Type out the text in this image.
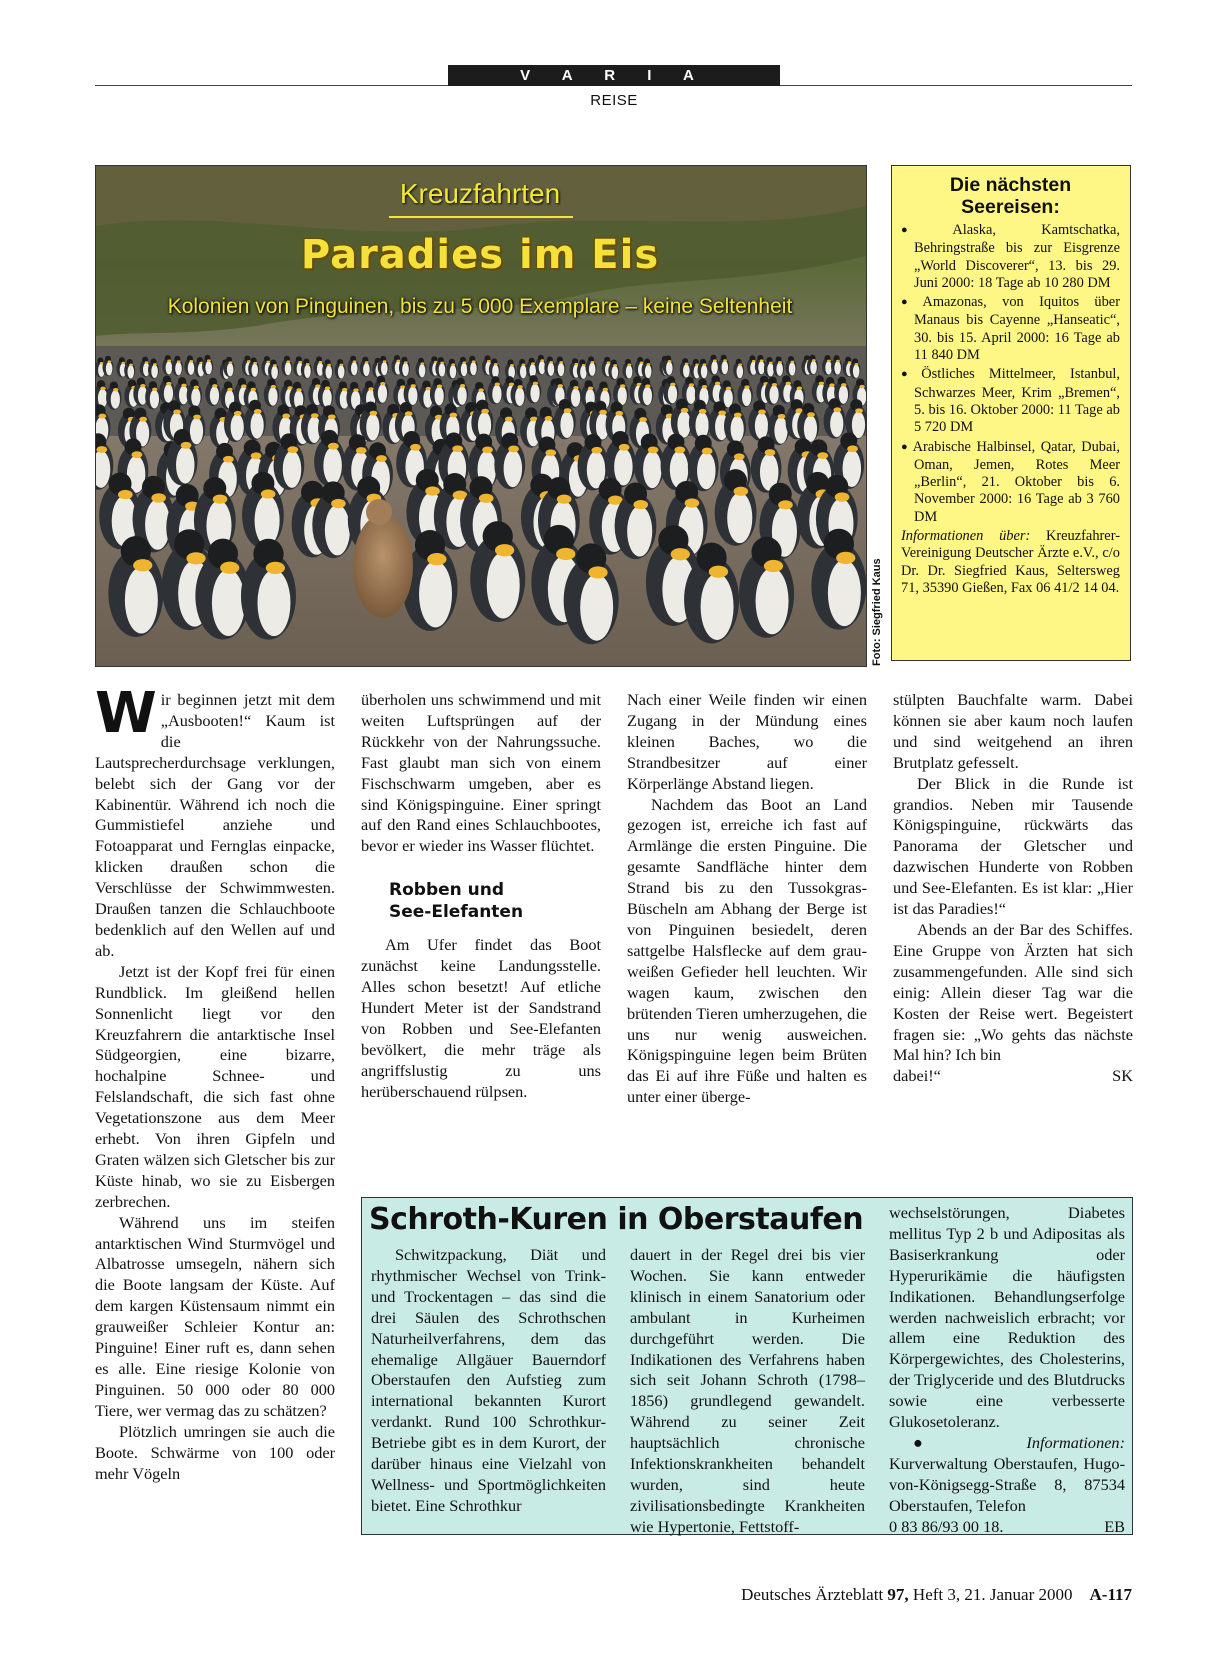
V A R I A
REISE
Kreuzfahrten
Paradies im Eis
Kolonien von Pinguinen, bis zu 5 000 Exemplare – keine Seltenheit
Foto: Siegfried Kaus
Die nächsten Seereisen:
● Alaska, Kamtschatka, Behringstraße bis zur Eisgrenze „World Discoverer“, 13. bis 29. Juni 2000: 18 Tage ab 10 280 DM
● Amazonas, von Iquitos über Manaus bis Cayenne „Hanseatic“, 30. bis 15. April 2000: 16 Tage ab 11 840 DM
● Östliches Mittelmeer, Istanbul, Schwarzes Meer, Krim „Bremen“, 5. bis 16. Oktober 2000: 11 Tage ab 5 720 DM
● Arabische Halbinsel, Qatar, Dubai, Oman, Jemen, Rotes Meer „Berlin“, 21. Oktober bis 6. November 2000: 16 Tage ab 3 760 DM
Informationen über: Kreuzfahrer-Vereinigung Deutscher Ärzte e.V., c/o Dr. Dr. Siegfried Kaus, Seltersweg 71, 35390 Gießen, Fax 06 41/2 14 04.

Wir beginnen jetzt mit dem „Ausbooten!“ Kaum ist die Lautsprecherdurchsage verklungen, belebt sich der Gang vor der Kabinentür. Während ich noch die Gummistiefel anziehe und Fotoapparat und Fernglas einpacke, klicken draußen schon die Verschlüsse der Schwimmwesten. Draußen tanzen die Schlauchboote bedenklich auf den Wellen auf und ab.

Jetzt ist der Kopf frei für einen Rundblick. Im gleißend hellen Sonnenlicht liegt vor den Kreuzfahrern die antarktische Insel Südgeorgien, eine bizarre, hochalpine Schnee- und Felslandschaft, die sich fast ohne Vegetationszone aus dem Meer erhebt. Von ihren Gipfeln und Graten wälzen sich Gletscher bis zur Küste hinab, wo sie zu Eisbergen zerbrechen.

Während uns im steifen antarktischen Wind Sturmvögel und Albatrosse umsegeln, nähern sich die Boote langsam der Küste. Auf dem kargen Küstensaum nimmt ein grauweißer Schleier Kontur an: Pinguine! Einer ruft es, dann sehen es alle. Eine riesige Kolonie von Pinguinen. 50 000 oder 80 000 Tiere, wer vermag das zu schätzen?

Plötzlich umringen sie auch die Boote. Schwärme von 100 oder mehr Vögeln

überholen uns schwimmend und mit weiten Luftsprüngen auf der Rückkehr von der Nahrungssuche. Fast glaubt man sich von einem Fischschwarm umgeben, aber es sind Königspinguine. Einer springt auf den Rand eines Schlauchbootes, bevor er wieder ins Wasser flüchtet.

Robben und
See-Elefanten

Am Ufer findet das Boot zunächst keine Landungsstelle. Alles schon besetzt! Auf etliche Hundert Meter ist der Sandstrand von Robben und See-Elefanten bevölkert, die mehr träge als angriffslustig zu uns herüberschauend rülpsen.

Nach einer Weile finden wir einen Zugang in der Mündung eines kleinen Baches, wo die Strandbesitzer auf einer Körperlänge Abstand liegen.

Nachdem das Boot an Land gezogen ist, erreiche ich fast auf Armlänge die ersten Pinguine. Die gesamte Sandfläche hinter dem Strand bis zu den Tussokgras-Büscheln am Abhang der Berge ist von Pinguinen besiedelt, deren sattgelbe Halsflecke auf dem grau-weißen Gefieder hell leuchten. Wir wagen kaum, zwischen den brütenden Tieren umherzugehen, die uns nur wenig ausweichen. Königspinguine legen beim Brüten das Ei auf ihre Füße und halten es unter einer überge-

stülpten Bauchfalte warm. Dabei können sie aber kaum noch laufen und sind weitgehend an ihren Brutplatz gefesselt.

Der Blick in die Runde ist grandios. Neben mir Tausende Königspinguine, rückwärts das Panorama der Gletscher und dazwischen Hunderte von Robben und See-Elefanten. Es ist klar: „Hier ist das Paradies!“

Abends an der Bar des Schiffes. Eine Gruppe von Ärzten hat sich zusammengefunden. Alle sind sich einig: Allein dieser Tag war die Kosten der Reise wert. Begeistert fragen sie: „Wo gehts das nächste Mal hin? Ich bin

dabei!“	SK
Schroth-Kuren in Oberstaufen

Schwitzpackung, Diät und rhythmischer Wechsel von Trink- und Trockentagen – das sind die drei Säulen des Schrothschen Naturheilverfahrens, dem das ehemalige Allgäuer Bauerndorf Oberstaufen den Aufstieg zum international bekannten Kurort verdankt. Rund 100 Schrothkur-Betriebe gibt es in dem Kurort, der darüber hinaus eine Vielzahl von Wellness- und Sportmöglichkeiten bietet. Eine Schrothkur

dauert in der Regel drei bis vier Wochen. Sie kann entweder klinisch in einem Sanatorium oder ambulant in Kurheimen durchgeführt werden. Die Indikationen des Verfahrens haben sich seit Johann Schroth (1798–1856) grundlegend gewandelt. Während zu seiner Zeit hauptsächlich chronische Infektionskrankheiten behandelt wurden, sind heute zivilisationsbedingte Krankheiten wie Hypertonie, Fettstoff-

wechselstörungen, Diabetes mellitus Typ 2 b und Adipositas als Basiserkrankung oder Hyperurikämie die häufigsten Indikationen. Behandlungserfolge werden nachweislich erbracht; vor allem eine Reduktion des Körpergewichtes, des Cholesterins, der Triglyceride und des Blutdrucks sowie eine verbesserte Glukosetoleranz.

● Informationen: Kurverwaltung Oberstaufen, Hugo-von-Königsegg-Straße 8, 87534 Oberstaufen, Telefon

0 83 86/93 00 18.	EB
Deutsches Ärzteblatt 97, Heft 3, 21. Januar 2000 A-117
